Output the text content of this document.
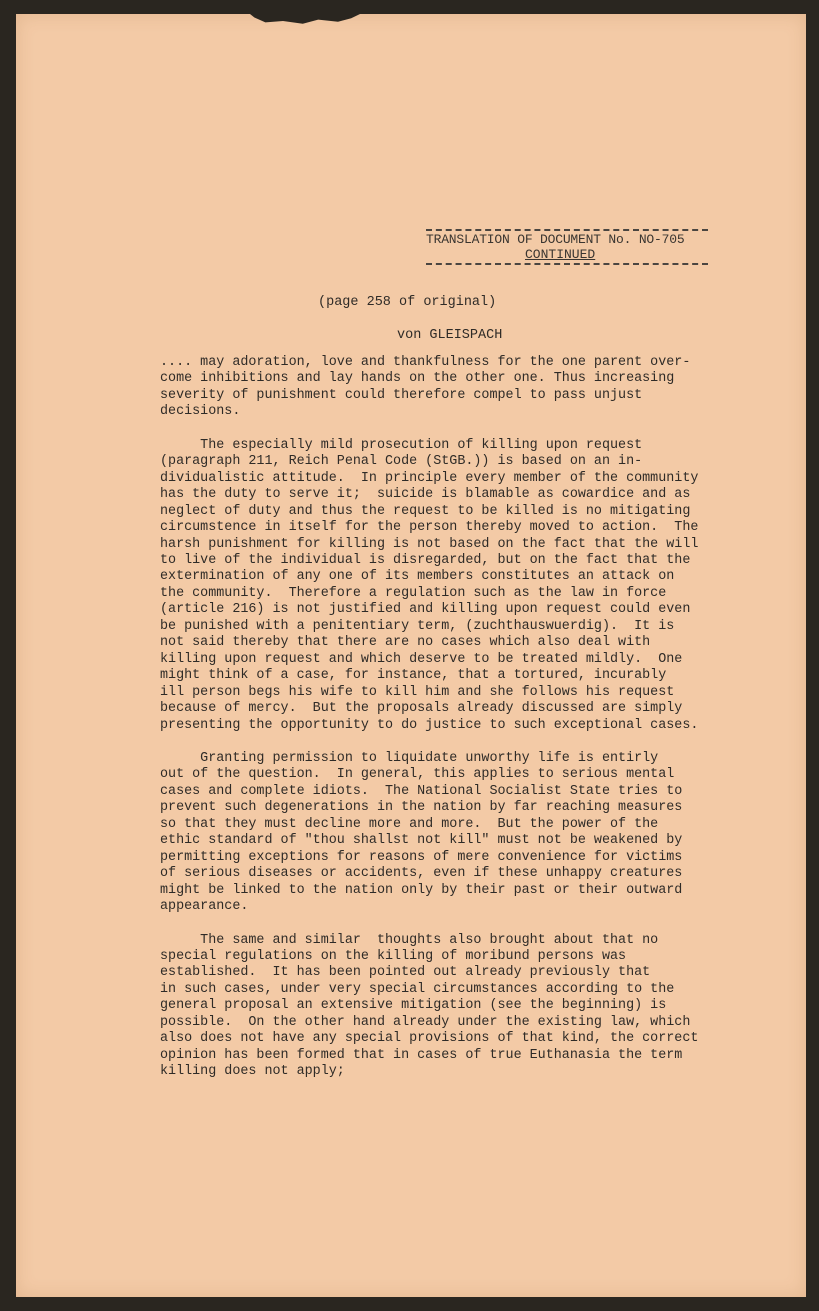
TRANSLATION OF DOCUMENT No. NO-705
CONTINUED
(page 258 of original)
von GLEISPACH
.... may adoration, love and thankfulness for the one parent over-
come inhibitions and lay hands on the other one. Thus increasing
severity of punishment could therefore compel to pass unjust
decisions.
The especially mild prosecution of killing upon request
(paragraph 211, Reich Penal Code (StGB.)) is based on an in-
dividualistic attitude.  In principle every member of the community
has the duty to serve it;  suicide is blamable as cowardice and as
neglect of duty and thus the request to be killed is no mitigating
circumstence in itself for the person thereby moved to action.  The
harsh punishment for killing is not based on the fact that the will
to live of the individual is disregarded, but on the fact that the
extermination of any one of its members constitutes an attack on
the community.  Therefore a regulation such as the law in force
(article 216) is not justified and killing upon request could even
be punished with a penitentiary term, (zuchthauswuerdig).  It is
not said thereby that there are no cases which also deal with
killing upon request and which deserve to be treated mildly.  One
might think of a case, for instance, that a tortured, incurably
ill person begs his wife to kill him and she follows his request
because of mercy.  But the proposals already discussed are simply
presenting the opportunity to do justice to such exceptional cases.
Granting permission to liquidate unworthy life is entirly
out of the question.  In general, this applies to serious mental
cases and complete idiots.  The National Socialist State tries to
prevent such degenerations in the nation by far reaching measures
so that they must decline more and more.  But the power of the
ethic standard of "thou shallst not kill" must not be weakened by
permitting exceptions for reasons of mere convenience for victims
of serious diseases or accidents, even if these unhappy creatures
might be linked to the nation only by their past or their outward
appearance.
The same and similar  thoughts also brought about that no
special regulations on the killing of moribund persons was
established.  It has been pointed out already previously that
in such cases, under very special circumstances according to the
general proposal an extensive mitigation (see the beginning) is
possible.  On the other hand already under the existing law, which
also does not have any special provisions of that kind, the correct
opinion has been formed that in cases of true Euthanasia the term
killing does not apply;
